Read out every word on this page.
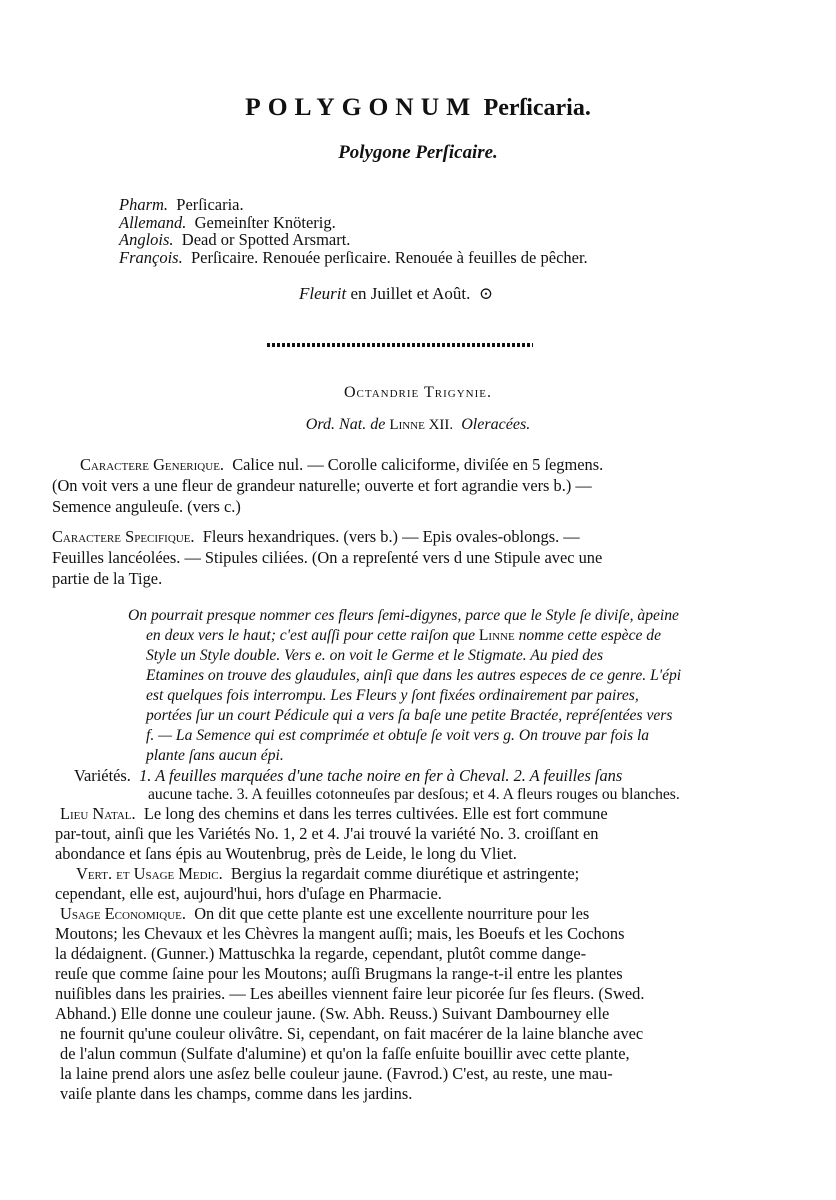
POLYGONUM Perſicaria.
Polygone Perſicaire.
Pharm. Perſicaria.
Allemand. Gemeinſter Knöterig.
Anglois. Dead or Spotted Arsmart.
François. Perſicaire. Renouée perſicaire. Renouée à feuilles de pêcher.
Fleurit en Juillet et Août. ⊙
Octandrie Trigynie.
Ord. Nat. de Linne XII. Oleracées.
Caractere Generique. Calice nul. — Corolle caliciforme, diviſée en 5 ſegmens.
(On voit vers a une fleur de grandeur naturelle; ouverte et fort agrandie vers b.) —
Semence anguleuſe. (vers c.)
Caractere Specifique. Fleurs hexandriques. (vers b.) — Epis ovales-oblongs. —
Feuilles lancéolées. — Stipules ciliées. (On a repreſenté vers d une Stipule avec une
partie de la Tige.
On pourrait presque nommer ces fleurs ſemi-digynes, parce que le Style ſe diviſe, àpeine
en deux vers le haut; c'est auſſi pour cette raiſon que Linne nomme cette espèce de
Style un Style double. Vers e. on voit le Germe et le Stigmate. Au pied des
Etamines on trouve des glaudules, ainſi que dans les autres especes de ce genre. L'épi
est quelques fois interrompu. Les Fleurs y ſont fixées ordinairement par paires,
portées ſur un court Pédicule qui a vers ſa baſe une petite Bractée, repréſentées vers
f. — La Semence qui est comprimée et obtuſe ſe voit vers g. On trouve par fois la
plante ſans aucun épi.
Variétés. 1. A feuilles marquées d'une tache noire en fer à Cheval. 2. A feuilles ſans
aucune tache. 3. A feuilles cotonneuſes par desſous; et 4. A fleurs rouges ou blanches.
Lieu Natal. Le long des chemins et dans les terres cultivées. Elle est fort commune
par-tout, ainſi que les Variétés No. 1, 2 et 4. J'ai trouvé la variété No. 3. croiſſant en
abondance et ſans épis au Woutenbrug, près de Leide, le long du Vliet.
Vert. et Usage Medic. Bergius la regardait comme diurétique et astringente;
cependant, elle est, aujourd'hui, hors d'uſage en Pharmacie.
Usage Economique. On dit que cette plante est une excellente nourriture pour les
Moutons; les Chevaux et les Chèvres la mangent auſſi; mais, les Boeufs et les Cochons
la dédaignent. (Gunner.) Mattuschka la regarde, cependant, plutôt comme dange-
reuſe que comme ſaine pour les Moutons; auſſi Brugmans la range-t-il entre les plantes
nuiſibles dans les prairies. — Les abeilles viennent faire leur picorée ſur ſes fleurs. (Swed.
Abhand.) Elle donne une couleur jaune. (Sw. Abh. Reuss.) Suivant Dambourney elle
ne fournit qu'une couleur olivâtre. Si, cependant, on fait macérer de la laine blanche avec
de l'alun commun (Sulfate d'alumine) et qu'on la faſſe enſuite bouillir avec cette plante,
la laine prend alors une asſez belle couleur jaune. (Favrod.) C'est, au reste, une mau-
vaiſe plante dans les champs, comme dans les jardins.
